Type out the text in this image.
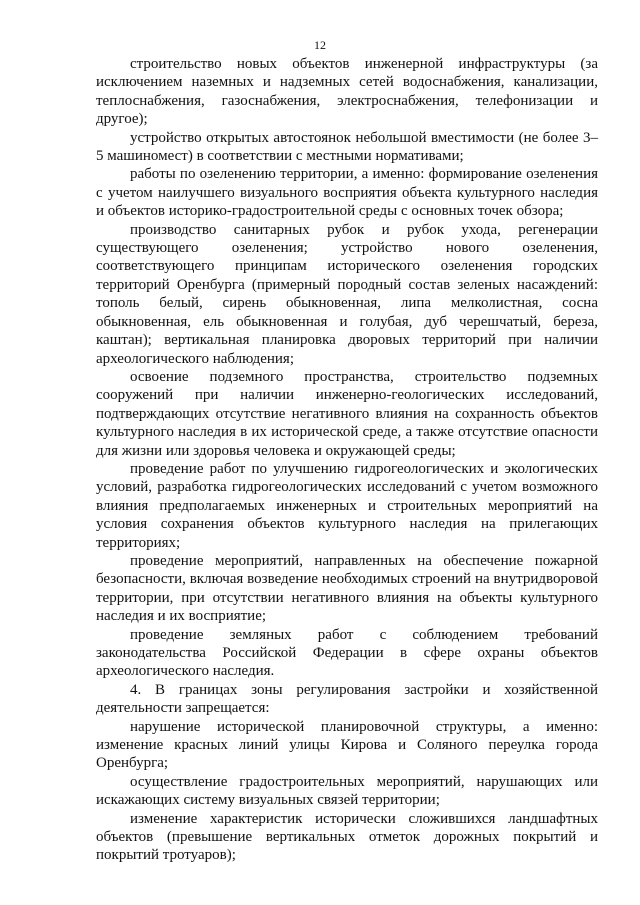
12

строительство новых объектов инженерной инфраструктуры (за исключением наземных и надземных сетей водоснабжения, канализации, теплоснабжения, газоснабжения, электроснабжения, телефонизации и другое);

устройство открытых автостоянок небольшой вместимости (не более 3–5 машиномест) в соответствии с местными нормативами;

работы по озеленению территории, а именно: формирование озеленения с учетом наилучшего визуального восприятия объекта культурного наследия и объектов историко-градостроительной среды с основных точек обзора;

производство санитарных рубок и рубок ухода, регенерации существующего озеленения; устройство нового озеленения, соответствующего принципам исторического озеленения городских территорий Оренбурга (примерный породный состав зеленых насаждений: тополь белый, сирень обыкновенная, липа мелколистная, сосна обыкновенная, ель обыкновенная и голубая, дуб черешчатый, береза, каштан); вертикальная планировка дворовых территорий при наличии археологического наблюдения;

освоение подземного пространства, строительство подземных сооружений при наличии инженерно-геологических исследований, подтверждающих отсутствие негативного влияния на сохранность объектов культурного наследия в их исторической среде, а также отсутствие опасности для жизни или здоровья человека и окружающей среды;

проведение работ по улучшению гидрогеологических и экологических условий, разработка гидрогеологических исследований с учетом возможного влияния предполагаемых инженерных и строительных мероприятий на условия сохранения объектов культурного наследия на прилегающих территориях;

проведение мероприятий, направленных на обеспечение пожарной безопасности, включая возведение необходимых строений на внутридворовой территории, при отсутствии негативного влияния на объекты культурного наследия и их восприятие;

проведение земляных работ с соблюдением требований законодательства Российской Федерации в сфере охраны объектов археологического наследия.

4. В границах зоны регулирования застройки и хозяйственной деятельности запрещается:

нарушение исторической планировочной структуры, а именно: изменение красных линий улицы Кирова и Соляного переулка города Оренбурга;

осуществление градостроительных мероприятий, нарушающих или искажающих систему визуальных связей территории;

изменение характеристик исторически сложившихся ландшафтных объектов (превышение вертикальных отметок дорожных покрытий и покрытий тротуаров);
